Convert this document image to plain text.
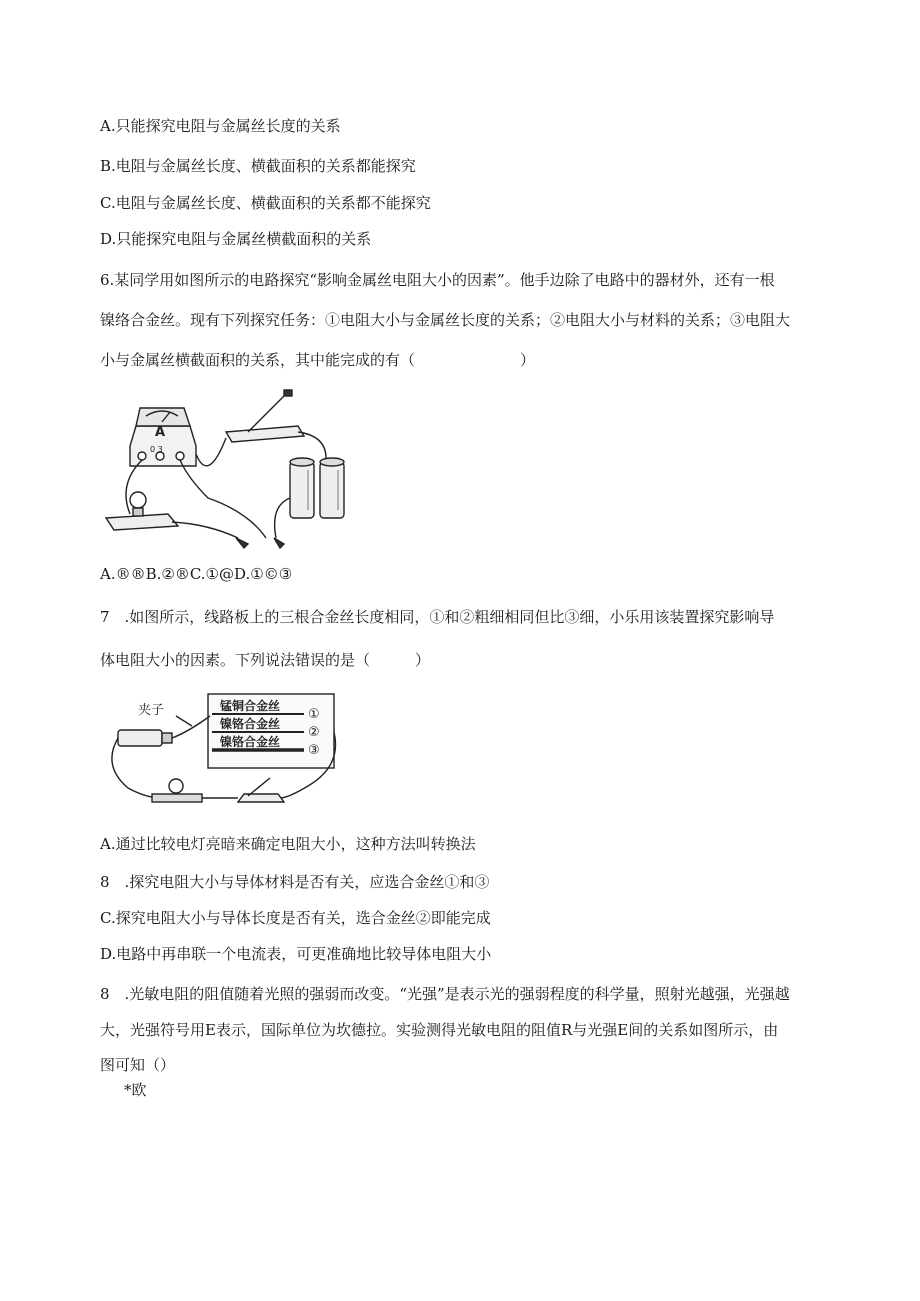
A.只能探究电阻与金属丝长度的关系
B.电阻与金属丝长度、横截面积的关系都能探究
C.电阻与金属丝长度、横截面积的关系都不能探究
D.只能探究电阻与金属丝横截面积的关系
6.某同学用如图所示的电路探究“影响金属丝电阻大小的因素”。他手边除了电路中的器材外，还有一根
镍络合金丝。现有下列探究任务：①电阻大小与金属丝长度的关系；②电阻大小与材料的关系；③电阻大
小与金属丝横截面积的关系，其中能完成的有（　　　　　　　）
A
0 3
A.®®B.②®C.①@D.①©③
7　.如图所示，线路板上的三根合金丝长度相同，①和②粗细相同但比③细，小乐用该装置探究影响导
体电阻大小的因素。下列说法错误的是（　　　）
夹子	锰铜合金丝
镍铬合金丝
镍铬合金丝
①
②
③
A.通过比较电灯亮暗来确定电阻大小，这种方法叫转换法
8　.探究电阻大小与导体材料是否有关，应选合金丝①和③
C.探究电阻大小与导体长度是否有关，选合金丝②即能完成
D.电路中再串联一个电流表，可更准确地比较导体电阻大小
8　.光敏电阻的阻值随着光照的强弱而改变。“光强”是表示光的强弱程度的科学量，照射光越强，光强越
大，光强符号用E表示，国际单位为坎德拉。实验测得光敏电阻的阻值R与光强E间的关系如图所示，由
图可知（）
*欧
